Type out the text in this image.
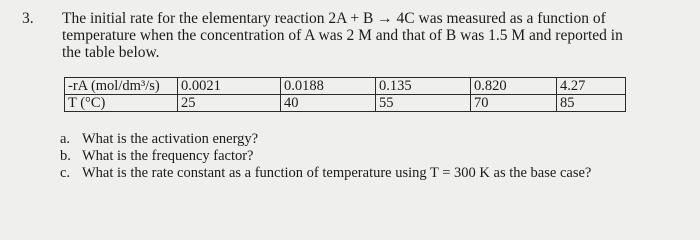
3. The initial rate for the elementary reaction 2A + B → 4C was measured as a function of
temperature when the concentration of A was 2 M and that of B was 1.5 M and reported in
the table below.
-rA (mol/dm³/s)	0.0021	0.0188	0.135	0.820	4.27
T (°C)	25	40	55	70	85
a. What is the activation energy?
b. What is the frequency factor?
c. What is the rate constant as a function of temperature using T = 300 K as the base case?
